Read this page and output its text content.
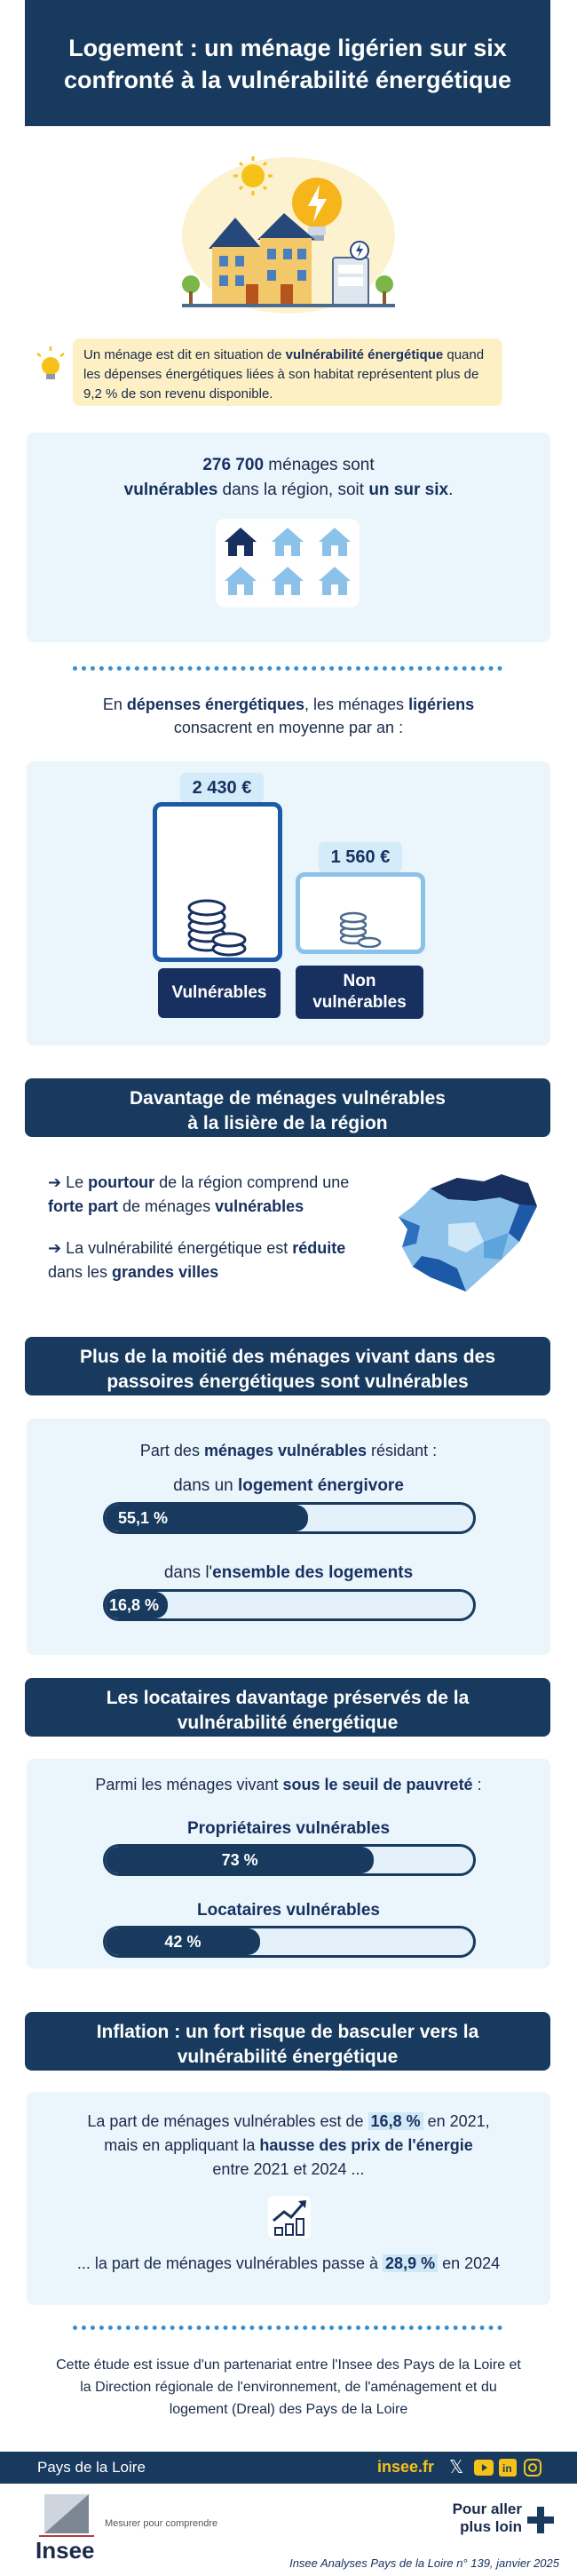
Logement : un ménage ligérien sur six
confronté à la vulnérabilité énergétique
Un ménage est dit en situation de vulnérabilité énergétique quand les dépenses énergétiques liées à son habitat représentent plus de 9,2 % de son revenu disponible.
276 700 ménages sont
vulnérables dans la région, soit un sur six.
En dépenses énergétiques, les ménages ligériens
consacrent en moyenne par an :
2 430 €
Vulnérables
1 560 €
Non
vulnérables
Davantage de ménages vulnérables
à la lisière de la région
➔ Le pourtour de la région comprend une forte part de ménages vulnérables
➔ La vulnérabilité énergétique est réduite dans les grandes villes
Plus de la moitié des ménages vivant dans des
passoires énergétiques sont vulnérables
Part des ménages vulnérables résidant :
dans un logement énergivore
55,1 %
dans l'ensemble des logements
16,8 %
Les locataires davantage préservés de la
vulnérabilité énergétique
Parmi les ménages vivant sous le seuil de pauvreté :
Propriétaires vulnérables
73 %
Locataires vulnérables
42 %
Inflation : un fort risque de basculer vers la
vulnérabilité énergétique
La part de ménages vulnérables est de 16,8 % en 2021,
mais en appliquant la hausse des prix de l'énergie
entre 2021 et 2024 ...
... la part de ménages vulnérables passe à 28,9 % en 2024
Cette étude est issue d'un partenariat entre l'Insee des Pays de la Loire et
la Direction régionale de l'environnement, de l'aménagement et du
logement (Dreal) des Pays de la Loire
Pays de la Loire	insee.fr 𝕏	in
Insee
Mesurer pour comprendre
Pour aller
plus loin
Insee Analyses Pays de la Loire n° 139, janvier 2025
